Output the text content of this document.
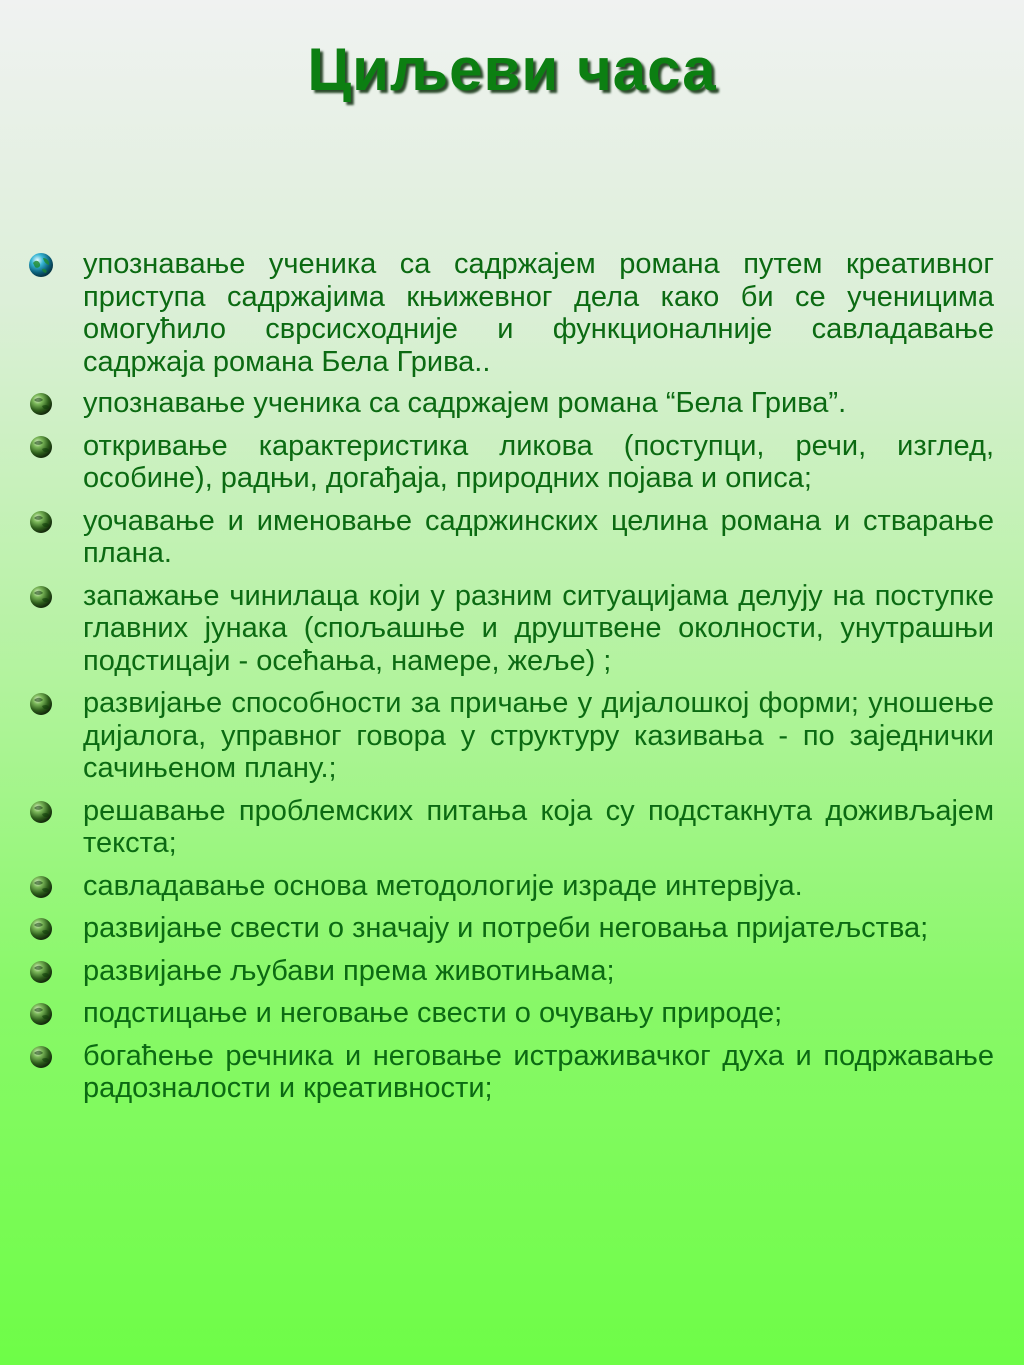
Циљеви часа
упознавање ученика са садржајем романа путем креативног приступа садржајима књижевног дела како би се ученицима омогућило сврсисходније и функционалније савладавање садржаја романа Бела Грива..
упознавање ученика са садржајем романа “Бела Грива”.
откривање карактеристика ликова (поступци, речи, изглед, особине), радњи, догађаја, природних појава и описа;
уочавање и именовање садржинских целина романа и стварање плана.
запажање чинилаца који у разним ситуацијама делују на поступке главних јунака (спољашње и друштвене околности, унутрашњи подстицаји - осећања, намере, жеље) ;
развијање способности за причање у дијалошкој форми; уношење дијалога, управног говора у структуру казивања - по заједнички сачињеном плану.;
решавање проблемских питања која су подстакнута доживљајем текста;
савладавање основа методологије израде интервјуа.
развијање свести о значају и потреби неговања пријатељства;
развијање љубави према животињама;
подстицање и неговање свести о очувању природе;
богаћење речника и неговање истраживачког духа и подржавање радозналости и креативности;
